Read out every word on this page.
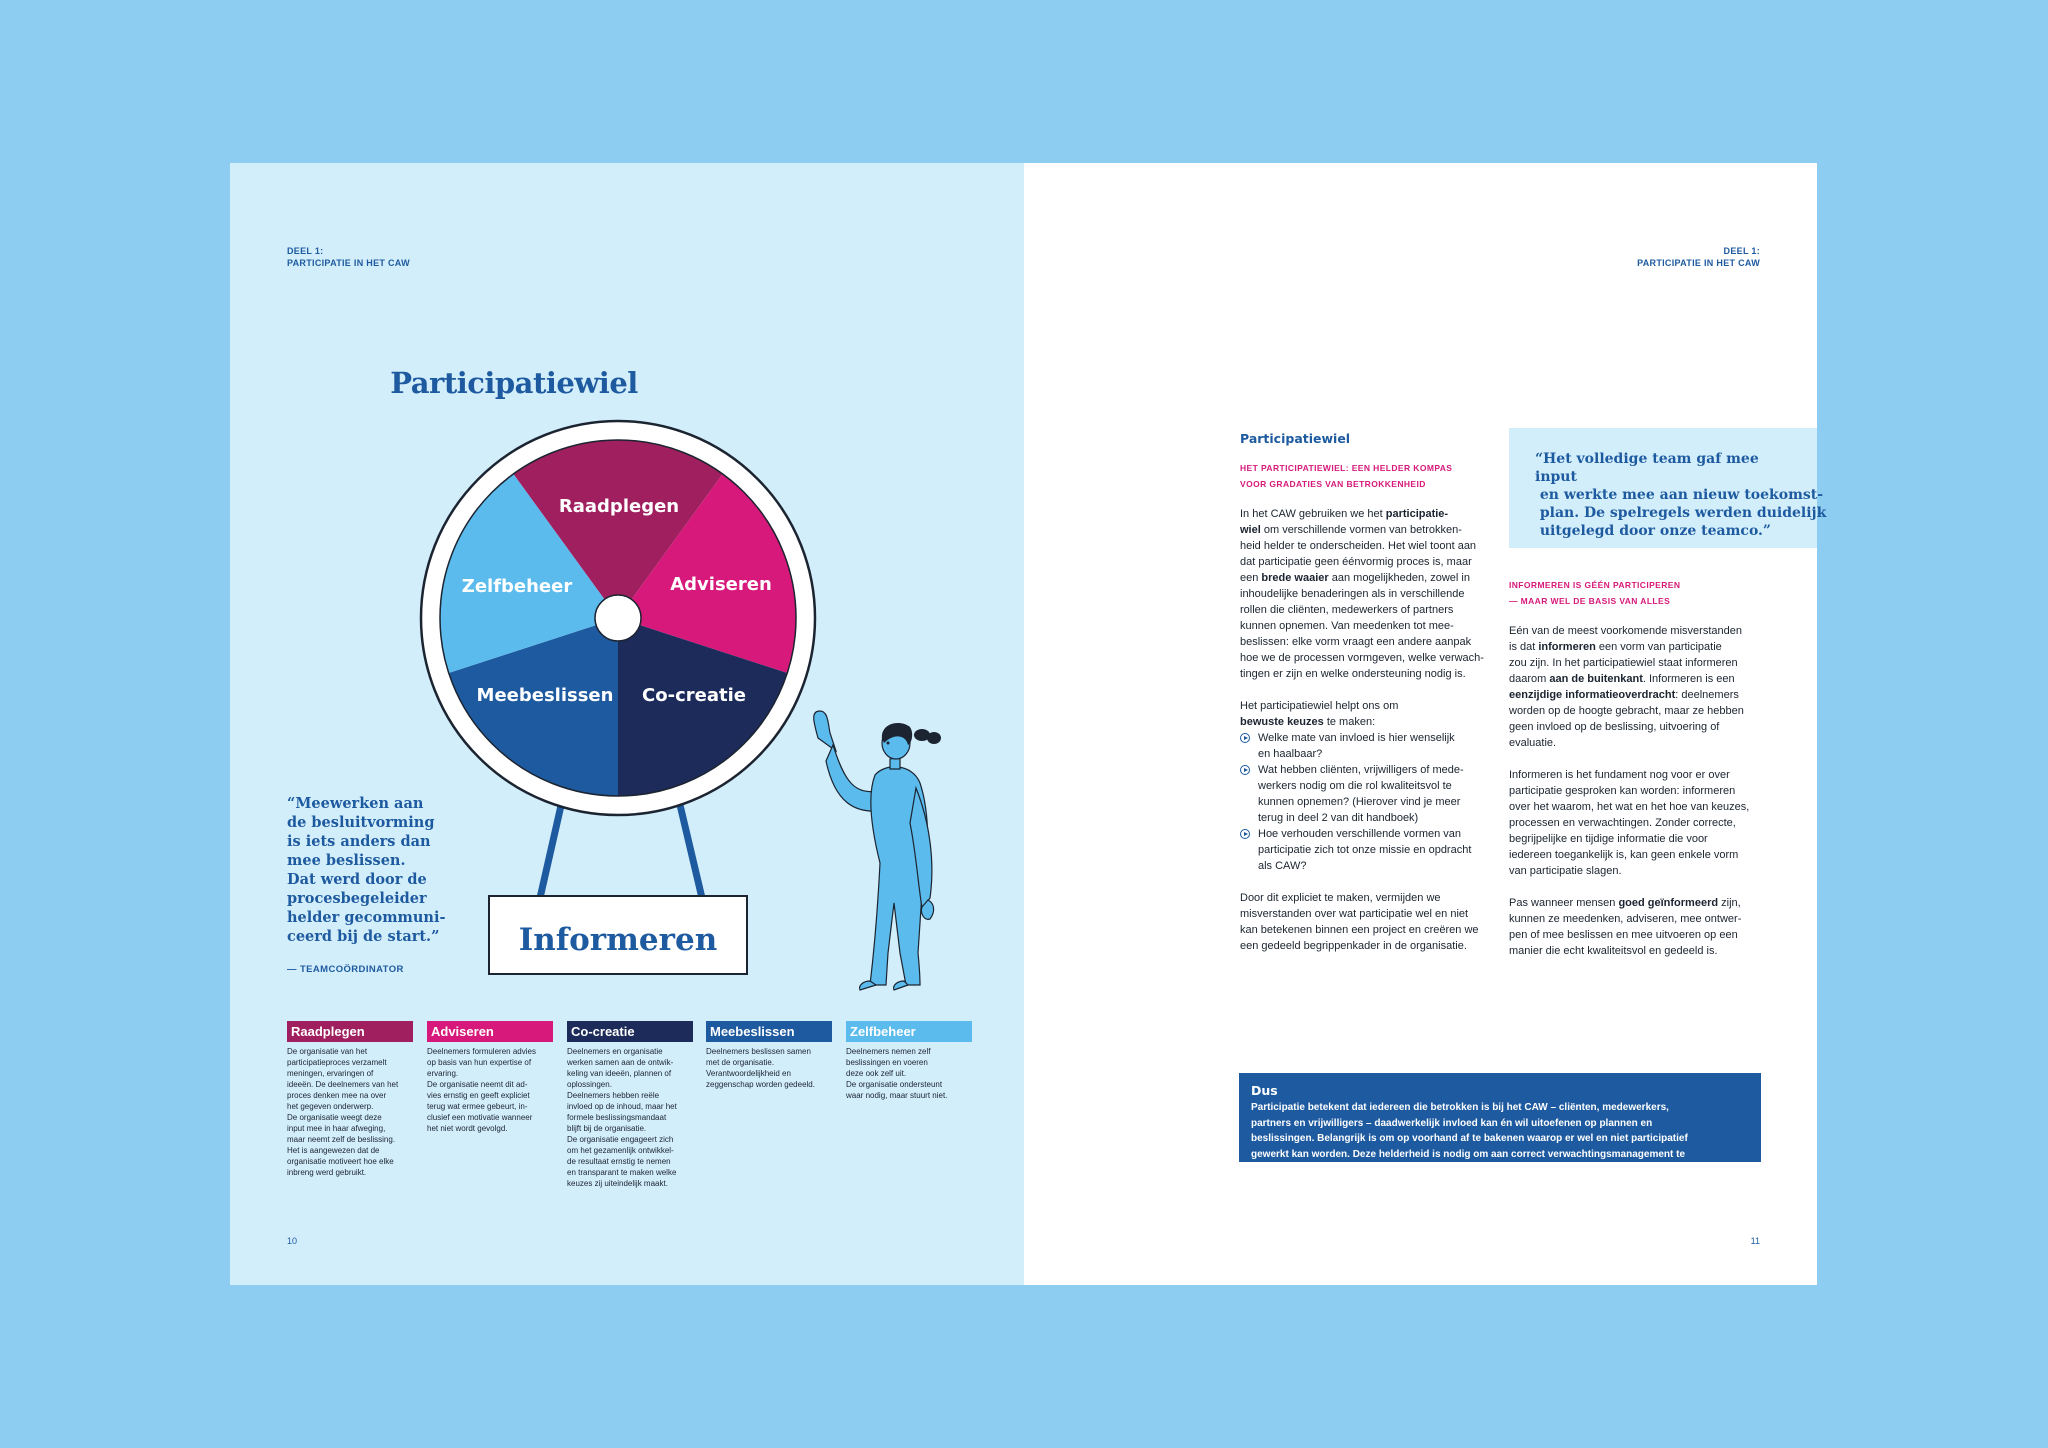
DEEL 1:
PARTICIPATIE IN HET CAW
Participatiewiel
Raadplegen
Adviseren
Co-creatie
Meebeslissen
Zelfbeheer
Informeren
“Meewerken aan
de besluitvorming
is iets anders dan
mee beslissen.
Dat werd door de
procesbegeleider
helder gecommuni-
ceerd bij de start.”
— TEAMCOÖRDINATOR
Raadplegen
De organisatie van het
participatieproces verzamelt
meningen, ervaringen of
ideeën. De deelnemers van het
proces denken mee na over
het gegeven onderwerp.
De organisatie weegt deze
input mee in haar afweging,
maar neemt zelf de beslissing.
Het is aangewezen dat de
organisatie motiveert hoe elke
inbreng werd gebruikt.
Adviseren
Deelnemers formuleren advies
op basis van hun expertise of
ervaring.
De organisatie neemt dit ad-
vies ernstig en geeft expliciet
terug wat ermee gebeurt, in-
clusief een motivatie wanneer
het niet wordt gevolgd.
Co-creatie
Deelnemers en organisatie
werken samen aan de ontwik-
keling van ideeën, plannen of
oplossingen.
Deelnemers hebben reële
invloed op de inhoud, maar het
formele beslissingsmandaat
blijft bij de organisatie.
De organisatie engageert zich
om het gezamenlijk ontwikkel-
de resultaat ernstig te nemen
en transparant te maken welke
keuzes zij uiteindelijk maakt.
Meebeslissen
Deelnemers beslissen samen
met de organisatie.
Verantwoordelijkheid en
zeggenschap worden gedeeld.
Zelfbeheer
Deelnemers nemen zelf
beslissingen en voeren
deze ook zelf uit.
De organisatie ondersteunt
waar nodig, maar stuurt niet.
10
DEEL 1:
PARTICIPATIE IN HET CAW
Participatiewiel
HET PARTICIPATIEWIEL: EEN HELDER KOMPAS
VOOR GRADATIES VAN BETROKKENHEID

In het CAW gebruiken we het participatie-
wiel om verschillende vormen van betrokken-
heid helder te onderscheiden. Het wiel toont aan
dat participatie geen éénvormig proces is, maar
een brede waaier aan mogelijkheden, zowel in
inhoudelijke benaderingen als in verschillende
rollen die cliënten, medewerkers of partners
kunnen opnemen. Van meedenken tot mee-
beslissen: elke vorm vraagt een andere aanpak
hoe we de processen vormgeven, welke verwach-
tingen er zijn en welke ondersteuning nodig is.

Het participatiewiel helpt ons om
bewuste keuzes te maken:

Welke mate van invloed is hier wenselijk
en haalbaar?
Wat hebben cliënten, vrijwilligers of mede-
werkers nodig om die rol kwaliteitsvol te
kunnen opnemen? (Hierover vind je meer
terug in deel 2 van dit handboek)
Hoe verhouden verschillende vormen van
participatie zich tot onze missie en opdracht
als CAW?

Door dit expliciet te maken, vermijden we
misverstanden over wat participatie wel en niet
kan betekenen binnen een project en creëren we
een gedeeld begrippenkader in de organisatie.

“Het volledige team gaf mee input
en werkte mee aan nieuw toekomst-
plan. De spelregels werden duidelijk
uitgelegd door onze teamco.”
INFORMEREN IS GÉÉN PARTICIPEREN
— MAAR WEL DE BASIS VAN ALLES

Eén van de meest voorkomende misverstanden
is dat informeren een vorm van participatie
zou zijn. In het participatiewiel staat informeren
daarom aan de buitenkant. Informeren is een
eenzijdige informatieoverdracht: deelnemers
worden op de hoogte gebracht, maar ze hebben
geen invloed op de beslissing, uitvoering of
evaluatie.

Informeren is het fundament nog voor er over
participatie gesproken kan worden: informeren
over het waarom, het wat en het hoe van keuzes,
processen en verwachtingen. Zonder correcte,
begrijpelijke en tijdige informatie die voor
iedereen toegankelijk is, kan geen enkele vorm
van participatie slagen.

Pas wanneer mensen goed geïnformeerd zijn,
kunnen ze meedenken, adviseren, mee ontwer-
pen of mee beslissen en mee uitvoeren op een
manier die echt kwaliteitsvol en gedeeld is.

Dus
Participatie betekent dat iedereen die betrokken is bij het CAW – cliënten, medewerkers,
partners en vrijwilligers – daadwerkelijk invloed kan én wil uitoefenen op plannen en
beslissingen. Belangrijk is om op voorhand af te bakenen waarop er wel en niet participatief
gewerkt kan worden. Deze helderheid is nodig om aan correct verwachtingsmanagement te
doen. wanneer het spannend wordt.
11
